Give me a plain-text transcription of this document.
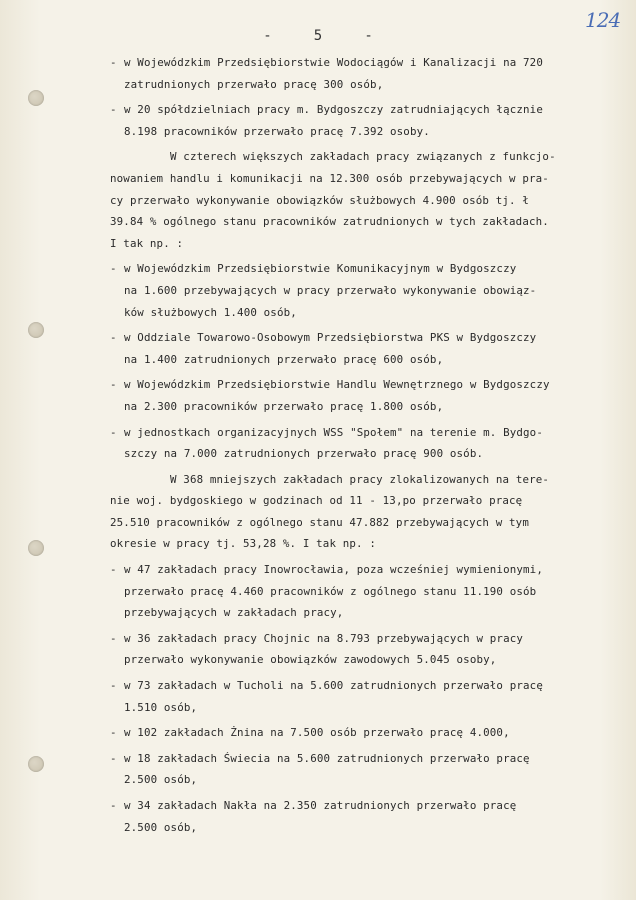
-	5	-
124
- w Wojewódzkim Przedsiębiorstwie Wodociągów i Kanalizacji na 720
zatrudnionych przerwało pracę 300 osób,
- w 20 spółdzielniach pracy m. Bydgoszczy zatrudniających łącznie
8.198 pracowników przerwało pracę 7.392 osoby.
W czterech większych zakładach pracy związanych z funkcjo-
nowaniem handlu i komunikacji na 12.300 osób przebywających w pra-
cy przerwało wykonywanie obowiązków służbowych 4.900 osób tj. ł
39.84 % ogólnego stanu pracowników zatrudnionych w tych zakładach.
I tak np. :
- w Wojewódzkim Przedsiębiorstwie Komunikacyjnym w Bydgoszczy
na 1.600 przebywających w pracy przerwało wykonywanie obowiąz-
ków służbowych 1.400 osób,
- w Oddziale Towarowo-Osobowym Przedsiębiorstwa PKS w Bydgoszczy
na 1.400 zatrudnionych przerwało pracę 600 osób,
- w Wojewódzkim Przedsiębiorstwie Handlu Wewnętrznego w Bydgoszczy
na 2.300 pracowników przerwało pracę 1.800 osób,
- w jednostkach organizacyjnych WSS "Społem" na terenie m. Bydgo-
szczy na 7.000 zatrudnionych przerwało pracę 900 osób.
W 368 mniejszych zakładach pracy zlokalizowanych na tere-
nie woj. bydgoskiego w godzinach od 11 - 13,po przerwało pracę
25.510 pracowników z ogólnego stanu 47.882 przebywających w tym
okresie w pracy tj. 53,28 %. I tak np. :
- w 47 zakładach pracy Inowrocławia, poza wcześniej wymienionymi,
przerwało pracę 4.460 pracowników z ogólnego stanu 11.190 osób
przebywających w zakładach pracy,
- w 36 zakładach pracy Chojnic na 8.793 przebywających w pracy
przerwało wykonywanie obowiązków zawodowych 5.045 osoby,
- w 73 zakładach w Tucholi na 5.600 zatrudnionych przerwało pracę
1.510 osób,
- w 102 zakładach Żnina na 7.500 osób przerwało pracę 4.000,
- w 18 zakładach Świecia na 5.600 zatrudnionych przerwało pracę
2.500 osób,
- w 34 zakładach Nakła na 2.350 zatrudnionych przerwało pracę
2.500 osób,
